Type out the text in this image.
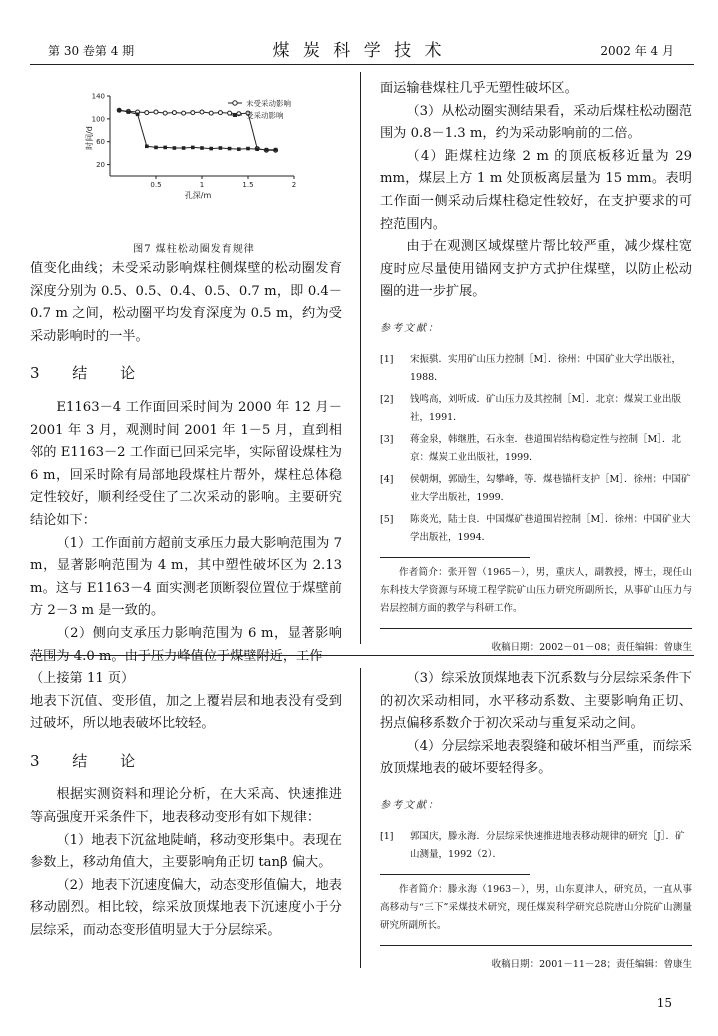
第 30 卷第 4 期	煤 炭 科 学 技 术	2002 年 4 月
140
100
60
20
0.5	1	1.5	2
时间/d
孔深/m
未受采动影响
受采动影响
图7 煤柱松动圈发育规律

值变化曲线；未受采动影响煤柱侧煤壁的松动圈发育深度分别为 0.5、0.5、0.4、0.5、0.7 m，即 0.4－0.7 m 之间，松动圈平均发育深度为 0.5 m，约为受采动影响时的一半。

3 结 论

E1163－4 工作面回采时间为 2000 年 12 月－2001 年 3 月，观测时间 2001 年 1－5 月，直到相邻的 E1163－2 工作面已回采完毕，实际留设煤柱为 6 m，回采时除有局部地段煤柱片帮外，煤柱总体稳定性较好，顺利经受住了二次采动的影响。主要研究结论如下：

（1）工作面前方超前支承压力最大影响范围为 7 m，显著影响范围为 4 m，其中塑性破坏区为 2.13 m。这与 E1163－4 面实测老顶断裂位置位于煤壁前方 2－3 m 是一致的。

（2）侧向支承压力影响范围为 6 m，显著影响

面运输巷煤柱几乎无塑性破坏区。

（3）从松动圈实测结果看，采动后煤柱松动圈范围为 0.8－1.3 m，约为采动影响前的二倍。

（4）距煤柱边缘 2 m 的顶底板移近量为 29 mm，煤层上方 1 m 处顶板离层量为 15 mm。表明工作面一侧采动后煤柱稳定性较好，在支护要求的可控范围内。

由于在观测区域煤壁片帮比较严重，减少煤柱宽度时应尽量使用锚网支护方式护住煤壁，以防止松动圈的进一步扩展。

参考文献：

[1] 宋振骐．实用矿山压力控制［M］．徐州：中国矿业大学出版社，1988．

[2] 钱鸣高，刘听成．矿山压力及其控制［M］．北京：煤炭工业出版社，1991．

[3] 蒋金泉，韩继胜，石永奎．巷道围岩结构稳定性与控制［M］．北京：煤炭工业出版社，1999．

[4] 侯朝炯，郭励生，勾攀峰，等．煤巷锚杆支护［M］．徐州：中国矿业大学出版社，1999．

[5] 陈炎光，陆士良．中国煤矿巷道围岩控制［M］．徐州：中国矿业大学出版社，1994．

作者简介：张开智（1965－），男，重庆人，副教授，博士，现任山东科技大学资源与环境工程学院矿山压力研究所副所长，从事矿山压力与岩层控制方面的教学与科研工作。

收稿日期：2002－01－08；责任编辑：曾康生

（上接第 11 页）

地表下沉值、变形值，加之上覆岩层和地表没有受到过破坏，所以地表破坏比较轻。

3 结 论

根据实测资料和理论分析，在大采高、快速推进等高强度开采条件下，地表移动变形有如下规律：

（1）地表下沉盆地陡峭，移动变形集中。表现在参数上，移动角值大，主要影响角正切 tanβ 偏大。

（2）地表下沉速度偏大，动态变形值偏大，地表移动剧烈。相比较，综采放顶煤地表下沉速度小于分层综采，而动态变形值明显大于分层综采。

（3）综采放顶煤地表下沉系数与分层综采条件下的初次采动相同，水平移动系数、主要影响角正切、拐点偏移系数介于初次采动与重复采动之间。

（4）分层综采地表裂缝和破坏相当严重，而综采放顶煤地表的破坏要轻得多。

参考文献：

[1] 郭国庆，滕永海．分层综采快速推进地表移动规律的研究［J］．矿山测量，1992（2）．

作者简介：滕永海（1963－），男，山东夏津人，研究员，一直从事高移动与“三下”采煤技术研究，现任煤炭科学研究总院唐山分院矿山测量研究所副所长。

收稿日期：2001－11－28；责任编辑：曾康生

15
